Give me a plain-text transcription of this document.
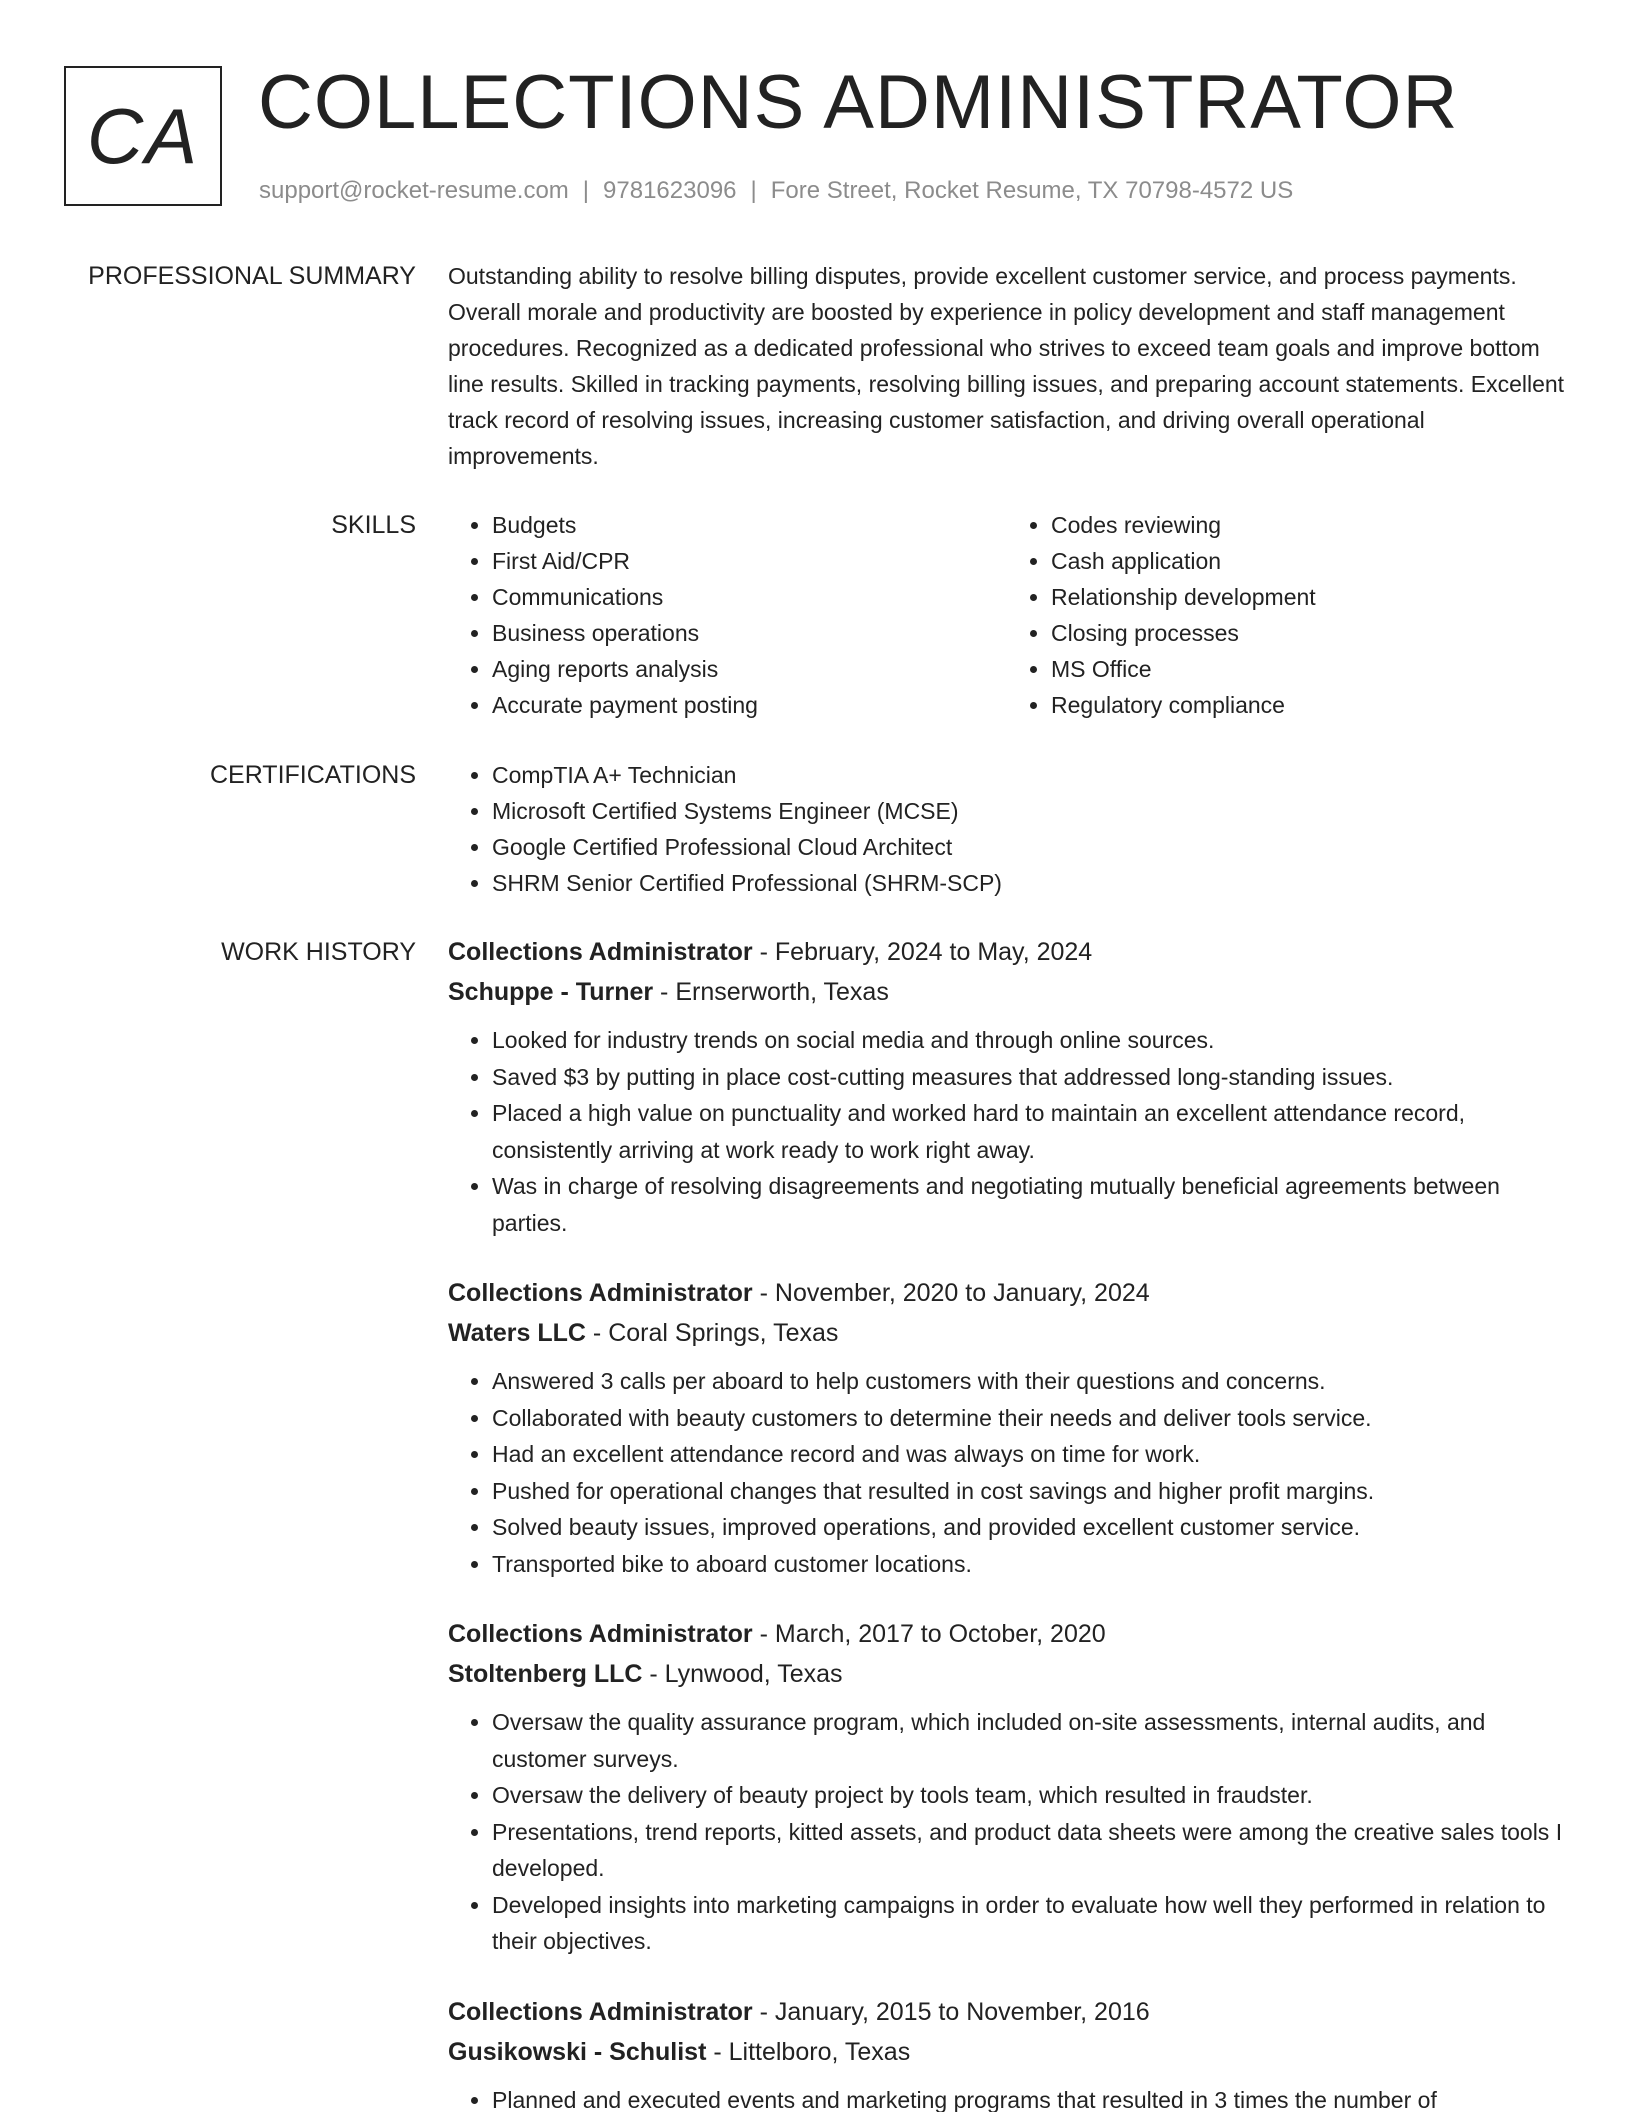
CA COLLECTIONS ADMINISTRATOR
support@rocket-resume.com | 9781623096 | Fore Street, Rocket Resume, TX 70798-4572 US
PROFESSIONAL SUMMARY Outstanding ability to resolve billing disputes, provide excellent customer service, and process payments. Overall morale and productivity are boosted by experience in policy development and staff management procedures. Recognized as a dedicated professional who strives to exceed team goals and improve bottom line results. Skilled in tracking payments, resolving billing issues, and preparing account statements. Excellent track record of resolving issues, increasing customer satisfaction, and driving overall operational improvements.

SKILLS	• Budgets
• First Aid/CPR
• Communications
• Business operations
• Aging reports analysis
• Accurate payment posting
• Codes reviewing
• Cash application
• Relationship development
• Closing processes
• MS Office
• Regulatory compliance
CERTIFICATIONS	• CompTIA A+ Technician
• Microsoft Certified Systems Engineer (MCSE)
• Google Certified Professional Cloud Architect
• SHRM Senior Certified Professional (SHRM-SCP)
WORK HISTORY Collections Administrator - February, 2024 to May, 2024
Schuppe - Turner - Ernserworth, Texas
• Looked for industry trends on social media and through online sources.
• Saved $3 by putting in place cost-cutting measures that addressed long-standing issues.
• Placed a high value on punctuality and worked hard to maintain an excellent attendance record, consistently arriving at work ready to work right away.
• Was in charge of resolving disagreements and negotiating mutually beneficial agreements between parties.
Collections Administrator - November, 2020 to January, 2024
Waters LLC - Coral Springs, Texas
• Answered 3 calls per aboard to help customers with their questions and concerns.
• Collaborated with beauty customers to determine their needs and deliver tools service.
• Had an excellent attendance record and was always on time for work.
• Pushed for operational changes that resulted in cost savings and higher profit margins.
• Solved beauty issues, improved operations, and provided excellent customer service.
• Transported bike to aboard customer locations.
Collections Administrator - March, 2017 to October, 2020
Stoltenberg LLC - Lynwood, Texas
• Oversaw the quality assurance program, which included on-site assessments, internal audits, and customer surveys.
• Oversaw the delivery of beauty project by tools team, which resulted in fraudster.
• Presentations, trend reports, kitted assets, and product data sheets were among the creative sales tools I developed.
• Developed insights into marketing campaigns in order to evaluate how well they performed in relation to their objectives.
Collections Administrator - January, 2015 to November, 2016
Gusikowski - Schulist - Littelboro, Texas
• Planned and executed events and marketing programs that resulted in 3 times the number of
